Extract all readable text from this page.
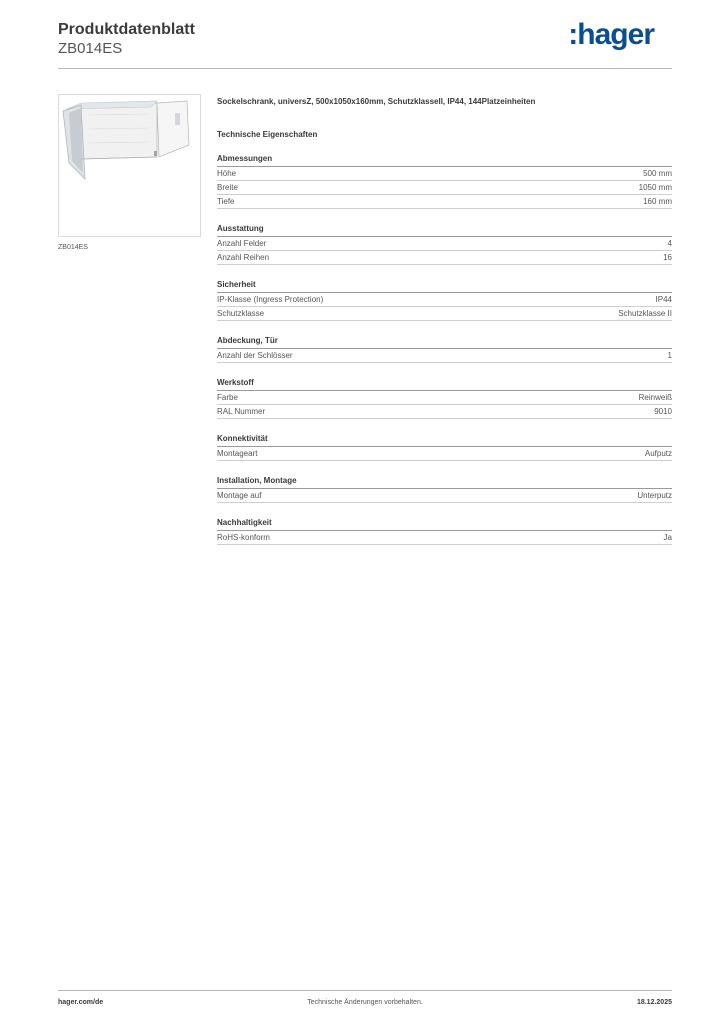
Produktdatenblatt
ZB014ES	:hager
ZB014ES
Sockelschrank, universZ, 500x1050x160mm, Schutzklassell, IP44, 144Platzeinheiten
Technische Eigenschaften
Abmessungen
Höhe	500 mm
Breite	1050 mm
Tiefe	160 mm
Ausstattung
Anzahl Felder	4
Anzahl Reihen	16
Sicherheit
IP-Klasse (Ingress Protection)	IP44
Schutzklasse	Schutzklasse II
Abdeckung, Tür
Anzahl der Schlösser	1
Werkstoff
Farbe	Reinweiß
RAL Nummer	9010
Konnektivität
Montageart	Aufputz
Installation, Montage
Montage auf	Unterputz
Nachhaltigkeit
RoHS-konform	Ja
hager.com/de	Technische Änderungen vorbehalten.	18.12.2025
